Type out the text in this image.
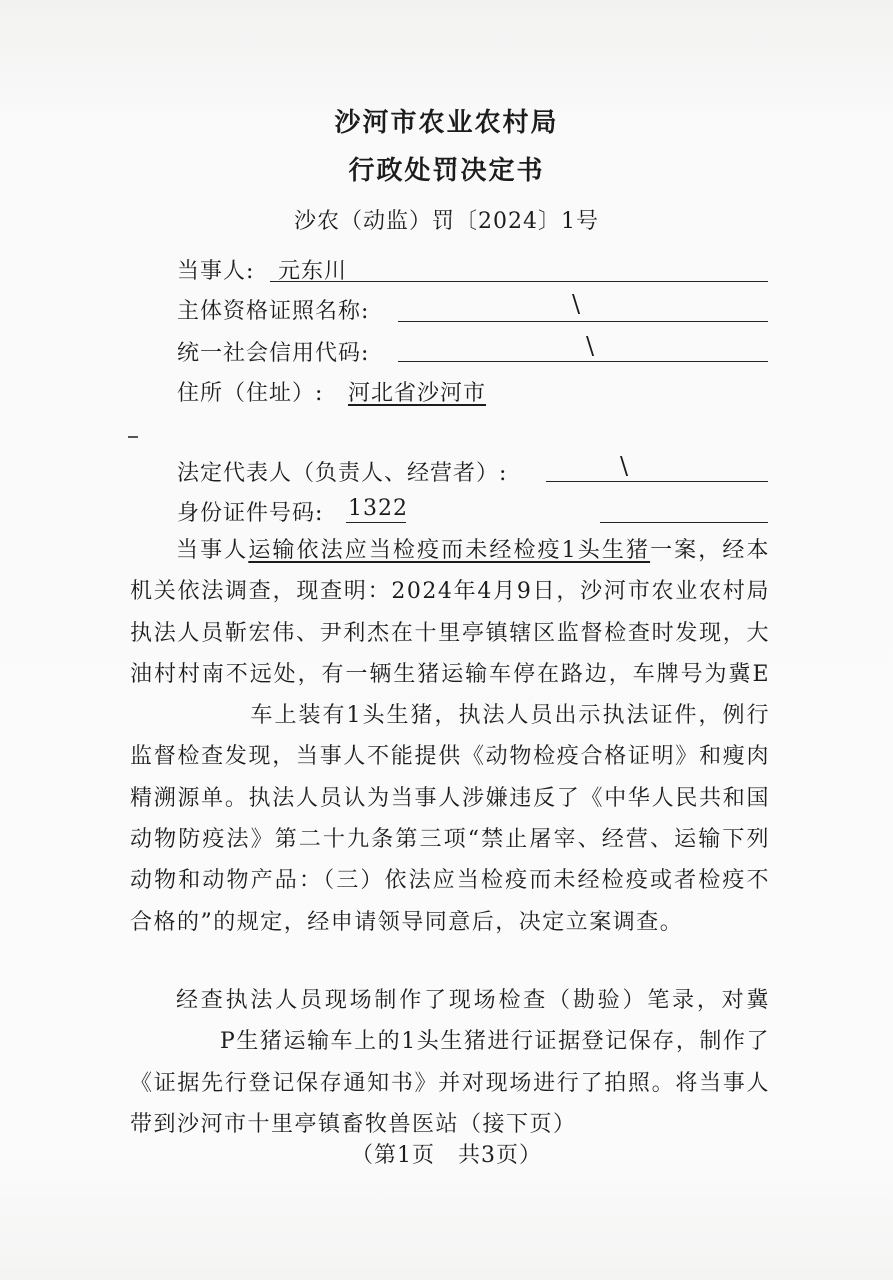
沙河市农业农村局
行政处罚决定书
沙农（动监）罚〔2024〕1号
当事人: 元东川
主体资格证照名称:	\
统一社会信用代码:	\
住所（住址）: 河北省沙河市
法定代表人（负责人、经营者）:	\
身份证件号码: 1322
当事人运输依法应当检疫而未经检疫1头生猪一案，经本机关依法调查，现查明：2024年4月9日，沙河市农业农村局执法人员靳宏伟、尹利杰在十里亭镇辖区监督检查时发现，大油村村南不远处，有一辆生猪运输车停在路边，车牌号为冀E车上装有1头生猪，执法人员出示执法证件，例行监督检查发现，当事人不能提供《动物检疫合格证明》和瘦肉精溯源单。执法人员认为当事人涉嫌违反了《中华人民共和国动物防疫法》第二十九条第三项“禁止屠宰、经营、运输下列动物和动物产品：（三）依法应当检疫而未经检疫或者检疫不合格的”的规定，经申请领导同意后，决定立案调查。
经查执法人员现场制作了现场检查（勘验）笔录，对冀P生猪运输车上的1头生猪进行证据登记保存，制作了《证据先行登记保存通知书》并对现场进行了拍照。将当事人带到沙河市十里亭镇畜牧兽医站（接下页）
（第1页　共3页）
